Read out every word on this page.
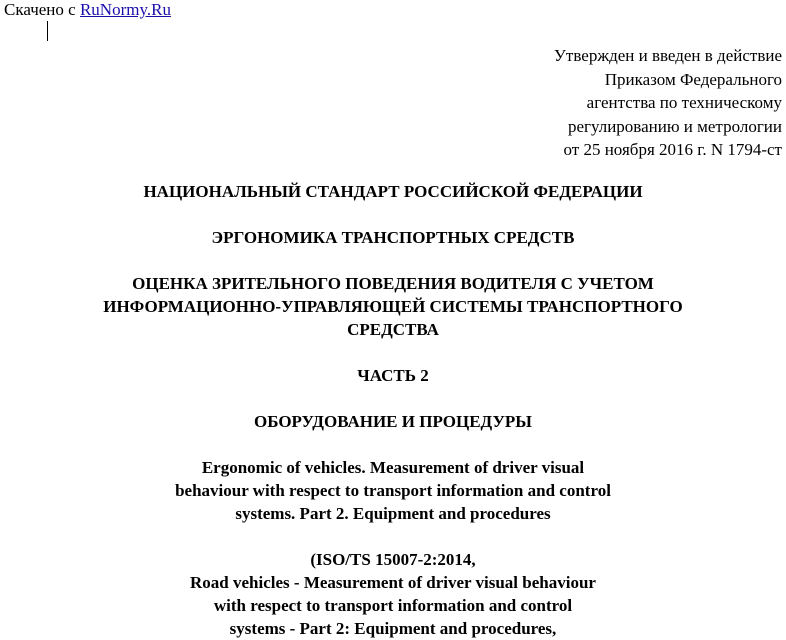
Скачено с RuNormy.Ru
Утвержден и введен в действие
Приказом Федерального
агентства по техническому
регулированию и метрологии
от 25 ноября 2016 г. N 1794-ст
НАЦИОНАЛЬНЫЙ СТАНДАРТ РОССИЙСКОЙ ФЕДЕРАЦИИ
ЭРГОНОМИКА ТРАНСПОРТНЫХ СРЕДСТВ
ОЦЕНКА ЗРИТЕЛЬНОГО ПОВЕДЕНИЯ ВОДИТЕЛЯ С УЧЕТОМ
ИНФОРМАЦИОННО-УПРАВЛЯЮЩЕЙ СИСТЕМЫ ТРАНСПОРТНОГО
СРЕДСТВА
ЧАСТЬ 2
ОБОРУДОВАНИЕ И ПРОЦЕДУРЫ
Ergonomic of vehicles. Measurement of driver visual
behaviour with respect to transport information and control
systems. Part 2. Equipment and procedures
(ISO/TS 15007-2:2014,
Road vehicles - Measurement of driver visual behaviour
with respect to transport information and control
systems - Part 2: Equipment and procedures,
